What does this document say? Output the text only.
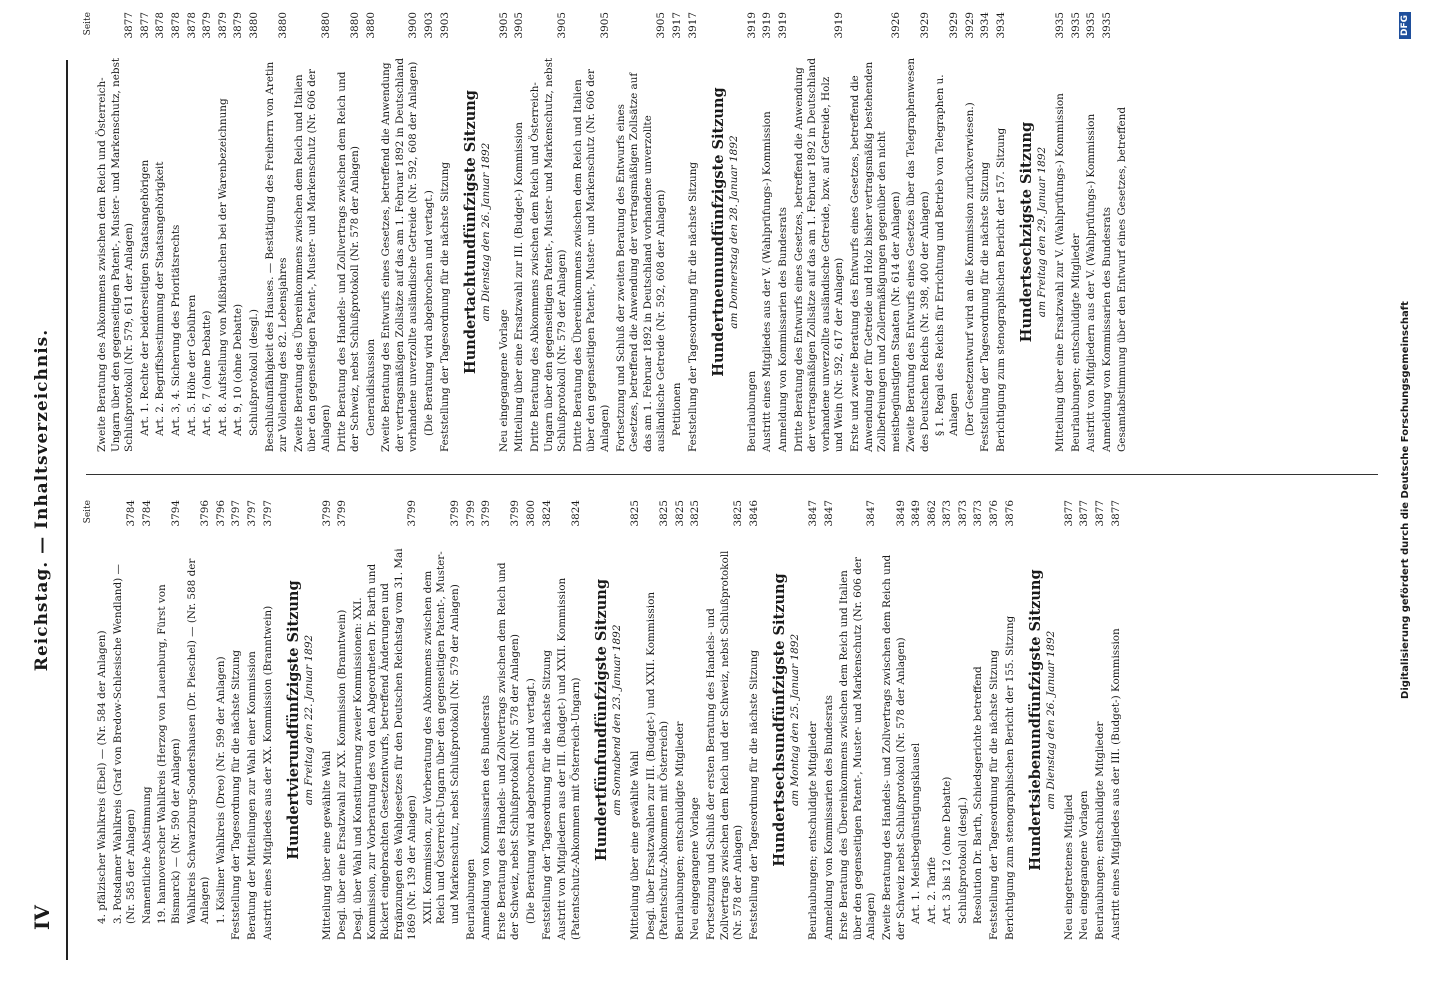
IV
Reichstag. — Inhaltsverzeichnis.	Seite
4. pfälzischer Wahlkreis (Ebel) — (Nr. 584 der Anlagen) 3. Potsdamer Wahlkreis (Graf von Bredow-Schlesische Wendland) — (Nr. 585 der Anlagen)
3784
Namentliche Abstimmung
3784
19. hannoverscher Wahlkreis (Herzog von Lauenburg, Fürst von Bismarck) — (Nr. 590 der Anlagen)
3794
Wahlkreis Schwarzburg-Sondershausen (Dr. Pieschel) — (Nr. 588 der Anlagen)
3796
1. Kösliner Wahlkreis (Dreo) (Nr. 599 der Anlagen)
3796
Feststellung der Tagesordnung für die nächste Sitzung
3797
Beratung der Mitteilungen zur Wahl einer Kommission
3797
Austritt eines Mitgliedes aus der XX. Kommission (Branntwein)
3797
Hundertvierundfünfzigste Sitzung am Freitag den 22. Januar 1892
Mitteilung über eine gewählte Wahl
3799
Desgl. über eine Ersatzwahl zur XX. Kommission (Branntwein)
3799
Desgl. über Wahl und Konstituierung zweier Kommissionen: XXI. Kommission, zur Vorberatung des von den Abgeordneten Dr. Barth und Rickert eingebrachten Gesetzentwurfs, betreffend Änderungen und Ergänzungen des Wahlgesetzes für den Deutschen Reichstag vom 31. Mai 1869 (Nr. 139 der Anlagen)
3799
XXII. Kommission, zur Vorberatung des Abkommens zwischen dem Reich und Österreich-Ungarn über den gegenseitigen Patent-, Muster- und Markenschutz, nebst Schlußprotokoll (Nr. 579 der Anlagen)
3799
Beurlaubungen
3799
Anmeldung von Kommissarien des Bundesrats
3799
Erste Beratung des Handels- und Zollvertrags zwischen dem Reich und der Schweiz, nebst Schlußprotokoll (Nr. 578 der Anlagen)
3799
(Die Beratung wird abgebrochen und vertagt.)
3800
Feststellung der Tagesordnung für die nächste Sitzung
3824
Austritt von Mitgliedern aus der III. (Budget-) und XXII. Kommission (Patentschutz-Abkommen mit Österreich-Ungarn)
3824
Hundertfünfundfünfzigste Sitzung am Sonnabend den 23. Januar 1892
Mitteilung über eine gewählte Wahl
3825
Desgl. über Ersatzwahlen zur III. (Budget-) und XXII. Kommission (Patentschutz-Abkommen mit Österreich)
3825
Beurlaubungen; entschuldigte Mitglieder
3825
Neu eingegangene Vorlage
3825
Fortsetzung und Schluß der ersten Beratung des Handels- und Zollvertrags zwischen dem Reich und der Schweiz, nebst Schlußprotokoll (Nr. 578 der Anlagen)
3825
Feststellung der Tagesordnung für die nächste Sitzung
3846
Hundertsechsundfünfzigste Sitzung am Montag den 25. Januar 1892
Beurlaubungen; entschuldigte Mitglieder
3847
Anmeldung von Kommissarien des Bundesrats
3847
Erste Beratung des Übereinkommens zwischen dem Reich und Italien über den gegenseitigen Patent-, Muster- und Markenschutz (Nr. 606 der Anlagen)
3847
Zweite Beratung des Handels- und Zollvertrags zwischen dem Reich und der Schweiz nebst Schlußprotokoll (Nr. 578 der Anlagen)
3849
Art. 1. Meistbegünstigungsklausel
3849
Art. 2. Tarife
3862
Art. 3 bis 12 (ohne Debatte)
3873
Schlußprotokoll (desgl.)
3873
Resolution Dr. Barth, Schiedsgerichte betreffend
3873
Feststellung der Tagesordnung für die nächste Sitzung
3876
Berichtigung zum stenographischen Bericht der 155. Sitzung
3876
Hundertsiebenundfünfzigste Sitzung am Dienstag den 26. Januar 1892
Neu eingetretenes Mitglied
3877
Neu eingegangene Vorlagen
3877
Beurlaubungen; entschuldigte Mitglieder
3877
Austritt eines Mitgliedes aus der III. (Budget-) Kommission
3877
Seite
Zweite Beratung des Abkommens zwischen dem Reich und Österreich-Ungarn über den gegenseitigen Patent-, Muster- und Markenschutz, nebst Schlußprotokoll (Nr. 579, 611 der Anlagen)
3877
Art. 1. Rechte der beiderseitigen Staatsangehörigen
3877
Art. 2. Begriffsbestimmung der Staatsangehörigkeit
3878
Art. 3, 4. Sicherung des Prioritätsrechts
3878
Art. 5. Höhe der Gebühren
3878
Art. 6, 7 (ohne Debatte)
3879
Art. 8. Aufstellung von Mißbräuchen bei der Warenbezeichnung
3879
Art. 9, 10 (ohne Debatte)
3879
Schlußprotokoll (desgl.)
3880
Beschlußunfähigkeit des Hauses. — Bestätigung des Freiherrn von Aretin zur Vollendung des 82. Lebensjahres
3880
Zweite Beratung des Übereinkommens zwischen dem Reich und Italien über den gegenseitigen Patent-, Muster- und Markenschutz (Nr. 606 der Anlagen)
3880
Dritte Beratung des Handels- und Zollvertrags zwischen dem Reich und der Schweiz, nebst Schlußprotokoll (Nr. 578 der Anlagen)
3880
Generaldiskussion
3880
Zweite Beratung des Entwurfs eines Gesetzes, betreffend die Anwendung der vertragsmäßigen Zollsätze auf das am 1. Februar 1892 in Deutschland vorhandene unverzollte ausländische Getreide (Nr. 592, 608 der Anlagen)
3900
(Die Beratung wird abgebrochen und vertagt.)
3903
Feststellung der Tagesordnung für die nächste Sitzung
3903
Hundertachtundfünfzigste Sitzung am Dienstag den 26. Januar 1892
Neu eingegangene Vorlage
3905
Mitteilung über eine Ersatzwahl zur III. (Budget-) Kommission
3905
Dritte Beratung des Abkommens zwischen dem Reich und Österreich-Ungarn über den gegenseitigen Patent-, Muster- und Markenschutz, nebst Schlußprotokoll (Nr. 579 der Anlagen)
3905
Dritte Beratung des Übereinkommens zwischen dem Reich und Italien über den gegenseitigen Patent-, Muster- und Markenschutz (Nr. 606 der Anlagen)
3905
Fortsetzung und Schluß der zweiten Beratung des Entwurfs eines Gesetzes, betreffend die Anwendung der vertragsmäßigen Zollsätze auf das am 1. Februar 1892 in Deutschland vorhandene unverzollte ausländische Getreide (Nr. 592, 608 der Anlagen)
3905
Petitionen
3917
Feststellung der Tagesordnung für die nächste Sitzung
3917
Hundertneunundfünfzigste Sitzung am Donnerstag den 28. Januar 1892
Beurlaubungen
3919
Austritt eines Mitgliedes aus der V. (Wahlprüfungs-) Kommission
3919
Anmeldung von Kommissarien des Bundesrats
3919
Dritte Beratung des Entwurfs eines Gesetzes, betreffend die Anwendung der vertragsmäßigen Zollsätze auf das am 1. Februar 1892 in Deutschland vorhandene unverzollte ausländische Getreide, bzw. auf Getreide, Holz und Wein (Nr. 592, 617 der Anlagen)
3919
Erste und zweite Beratung des Entwurfs eines Gesetzes, betreffend die Anwendung der für Getreide und Holz bisher vertragsmäßig bestehenden Zollbefreiungen und Zollermäßigungen gegenüber den nicht meistbegünstigten Staaten (Nr. 614 der Anlagen)
3926
Zweite Beratung des Entwurfs eines Gesetzes über das Telegraphenwesen des Deutschen Reichs (Nr. 398, 400 der Anlagen)
3929
§ 1. Regal des Reichs für Errichtung und Betrieb von Telegraphen u. Anlagen
3929
(Der Gesetzentwurf wird an die Kommission zurückverwiesen.)
3929
Feststellung der Tagesordnung für die nächste Sitzung
3934
Berichtigung zum stenographischen Bericht der 157. Sitzung
3934
Hundertsechzigste Sitzung am Freitag den 29. Januar 1892 Mitteilung über eine Ersatzwahl zur V. (Wahlprüfungs-) Kommission
3935
Beurlaubungen; entschuldigte Mitglieder
3935
Austritt von Mitgliedern aus der V. (Wahlprüfungs-) Kommission
3935
Anmeldung von Kommissarien des Bundesrats
3935
Gesamtabstimmung über den Entwurf eines Gesetzes, betreffend
Digitalisierung gefördert durch die Deutsche Forschungsgemeinschaft
DFG
